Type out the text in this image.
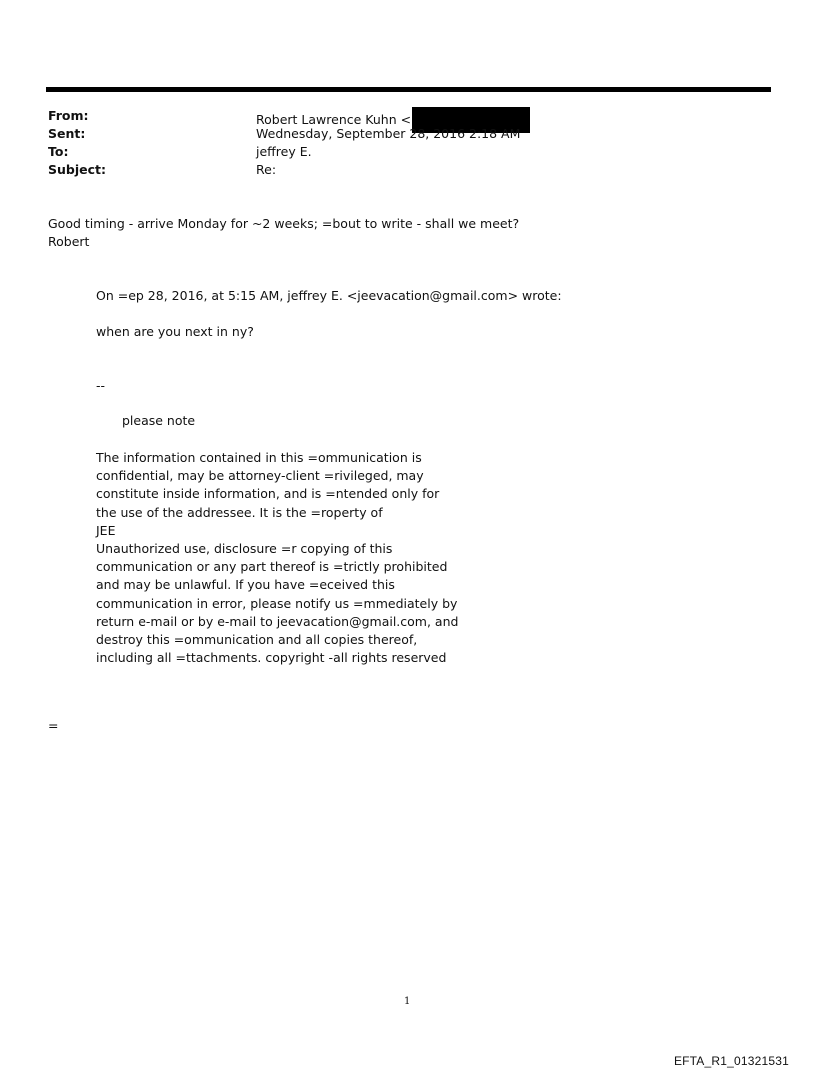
From:	Robert Lawrence Kuhn <
Sent:	Wednesday, September 28, 2016 2:18 AM
To:	jeffrey E.
Subject:	Re:
Good timing - arrive Monday for ~2 weeks; =bout to write - shall we meet?
Robert
On =ep 28, 2016, at 5:15 AM, jeffrey E. <jeevacation@gmail.com> wrote:
when are you next in ny?
--
please note
The information contained in this =ommunication is
confidential, may be attorney-client =rivileged, may
constitute inside information, and is =ntended only for
the use of the addressee. It is the =roperty of
JEE
Unauthorized use, disclosure =r copying of this
communication or any part thereof is =trictly prohibited
and may be unlawful. If you have =eceived this
communication in error, please notify us =mmediately by
return e-mail or by e-mail to jeevacation@gmail.com, and
destroy this =ommunication and all copies thereof,
including all =ttachments. copyright -all rights reserved
=
1
EFTA_R1_01321531
